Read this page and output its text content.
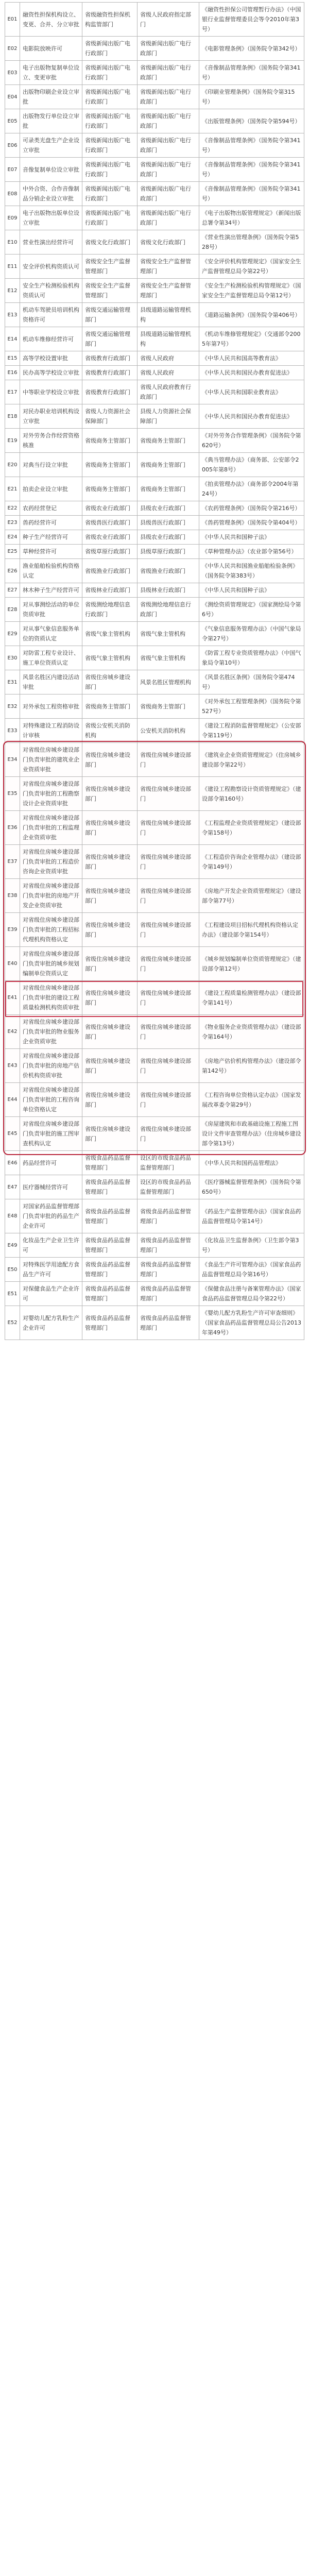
E01	融资性担保机构设立、变更、合并、分立审批	省级融资性担保机构监管部门	省级人民政府指定部门	《融资性担保公司管理暂行办法》（中国银行业监督管理委员会等令2010年第3号）
E02	电影院放映许可	省级新闻出版广电行政部门	省级新闻出版广电行政部门	《电影管理条例》（国务院令第342号）
E03	电子出版物复制单位设立、变更审批	省级新闻出版广电行政部门	省级新闻出版广电行政部门	《音像制品管理条例》（国务院令第341号）
E04	出版物印刷企业设立审批	省级新闻出版广电行政部门	省级新闻出版广电行政部门	《印刷业管理条例》（国务院令第315号）
E05	出版物发行单位设立审批	省级新闻出版广电行政部门	省级新闻出版广电行政部门	《出版管理条例》（国务院令第594号）
E06	可录类光盘生产企业设立审批	省级新闻出版广电行政部门	省级新闻出版广电行政部门	《音像制品管理条例》（国务院令第341号）
E07	音像复制单位设立审批	省级新闻出版广电行政部门	省级新闻出版广电行政部门	《音像制品管理条例》（国务院令第341号）
E08	中外合资、合作音像制品分销企业设立审批	省级新闻出版广电行政部门	省级新闻出版广电行政部门	《音像制品管理条例》（国务院令第341号）
E09	电子出版物出版单位设立审批	省级新闻出版广电行政部门	省级新闻出版广电行政部门	《电子出版物出版管理规定》（新闻出版总署令第34号）
E10	营业性演出经营许可	省级文化行政部门	省级文化行政部门	《营业性演出管理条例》（国务院令第528号）
E11	安全评价机构资质认可	省级安全生产监督管理部门	省级安全生产监督管理部门	《安全评价机构管理规定》（国家安全生产监督管理总局令第22号）
E12	安全生产检测检验机构资质认可	省级安全生产监督管理部门	省级安全生产监督管理部门	《安全生产检测检验机构管理规定》（国家安全生产监督管理总局令第12号）
E13	机动车驾驶员培训机构资格许可	省级交通运输管理部门	县级道路运输管理机构	《道路运输条例》（国务院令第406号）
E14	机动车维修经营许可	省级交通运输管理部门	县级道路运输管理机构	《机动车维修管理规定》（交通部令2005年第7号）
E15	高等学校设置审批	省级教育行政部门	省级人民政府	《中华人民共和国高等教育法》
E16	民办高等学校设立审批	省级教育行政部门	省级人民政府	《中华人民共和国民办教育促进法》
E17	中等职业学校设立审批	省级教育行政部门	省级人民政府教育行政部门	《中华人民共和国职业教育法》
E18	对民办职业培训机构设立审批	省级人力资源社会保障部门	县级人力资源社会保障部门	《中华人民共和国民办教育促进法》
E19	对外劳务合作经营资格核准	省级商务主管部门	省级商务主管部门	《对外劳务合作管理条例》（国务院令第620号）
E20	对典当行设立审批	省级商务主管部门	省级商务主管部门	《典当管理办法》（商务部、公安部令2005年第8号）
E21	拍卖企业设立审批	省级商务主管部门	省级商务主管部门	《拍卖管理办法》（商务部令2004年第24号）
E22	农药经营登记	省级农业行政部门	县级农业行政部门	《农药管理条例》（国务院令第216号）
E23	兽药经营许可	省级兽医行政部门	县级兽医行政部门	《兽药管理条例》（国务院令第404号）
E24	种子生产经营许可	省级农业行政部门	县级农业行政部门	《中华人民共和国种子法》
E25	草种经营许可	省级草原行政部门	县级草原行政部门	《草种管理办法》（农业部令第56号）
E26	渔业船舶检验机构资格认定	省级渔业行政部门	省级渔业行政部门	《中华人民共和国渔业船舶检验条例》（国务院令第383号）
E27	林木种子生产经营许可	省级林业行政部门	县级林业行政部门	《中华人民共和国种子法》
E28	对从事测绘活动的单位资质审批	省级测绘地理信息行政部门	省级测绘地理信息行政部门	《测绘资质管理规定》（国家测绘局令第6号）
E29	对从事气象信息服务单位的资质认定	省级气象主管机构	省级气象主管机构	《气象信息服务管理办法》（中国气象局令第27号）
E30	对防雷工程专业设计、施工单位资质认定	省级气象主管机构	省级气象主管机构	《防雷工程专业资质管理办法》（中国气象局令第10号）
E31	风景名胜区内建设活动审批	省级住房城乡建设部门	风景名胜区管理机构	《风景名胜区条例》（国务院令第474号）
E32	对外承包工程资格审批	省级商务主管部门	省级商务主管部门	《对外承包工程管理条例》（国务院令第527号）
E33	对特殊建设工程消防设计审核	省级公安机关消防机构	公安机关消防机构	《建设工程消防监督管理规定》（公安部令第119号）
E34	对省级住房城乡建设部门负责审批的建筑业企业资质审批	省级住房城乡建设部门	省级住房城乡建设部门	《建筑业企业资质管理规定》（住房城乡建设部令第22号）
E35	对省级住房城乡建设部门负责审批的工程勘察设计企业资质审批	省级住房城乡建设部门	省级住房城乡建设部门	《建设工程勘察设计资质管理规定》（建设部令第160号）
E36	对省级住房城乡建设部门负责审批的工程监理企业资质审批	省级住房城乡建设部门	省级住房城乡建设部门	《工程监理企业资质管理规定》（建设部令第158号）
E37	对省级住房城乡建设部门负责审批的工程造价咨询企业资质审批	省级住房城乡建设部门	省级住房城乡建设部门	《工程造价咨询企业管理办法》（建设部令第149号）
E38	对省级住房城乡建设部门负责审批的房地产开发企业资质审批	省级住房城乡建设部门	省级住房城乡建设部门	《房地产开发企业资质管理规定》（建设部令第77号）
E39	对省级住房城乡建设部门负责审批的工程招标代理机构资格认定	省级住房城乡建设部门	省级住房城乡建设部门	《工程建设项目招标代理机构资格认定办法》（建设部令第154号）
E40	对省级住房城乡建设部门负责审批的城乡规划编制单位资质认定	省级住房城乡建设部门	省级住房城乡建设部门	《城乡规划编制单位资质管理规定》（建设部令第12号）
E41	对省级住房城乡建设部门负责审批的建设工程质量检测机构资质审批	省级住房城乡建设部门	省级住房城乡建设部门	《建设工程质量检测管理办法》（建设部令第141号）
E42	对省级住房城乡建设部门负责审批的物业服务企业资质审批	省级住房城乡建设部门	省级住房城乡建设部门	《物业服务企业资质管理办法》（建设部令第164号）
E43	对省级住房城乡建设部门负责审批的房地产估价机构资质审批	省级住房城乡建设部门	省级住房城乡建设部门	《房地产估价机构管理办法》（建设部令第142号）
E44	对省级住房城乡建设部门负责审批的工程咨询单位资格认定	省级住房城乡建设部门	省级住房城乡建设部门	《工程咨询单位资格认定办法》（国家发展改革委令第29号）
E45	对省级住房城乡建设部门负责审批的施工图审查机构认定	省级住房城乡建设部门	省级住房城乡建设部门	《房屋建筑和市政基础设施工程施工图设计文件审查管理办法》（住房城乡建设部令第13号）
E46	药品经营许可	省级食品药品监督管理部门	设区的市级食品药品监督管理部门	《中华人民共和国药品管理法》
E47	医疗器械经营许可	省级食品药品监督管理部门	设区的市级食品药品监督管理部门	《医疗器械监督管理条例》（国务院令第650号）
E48	对国家药品监督管理部门负责审批的药品生产企业许可	省级食品药品监督管理部门	省级食品药品监督管理部门	《药品生产监督管理办法》（国家食品药品监督管理局令第14号）
E49	化妆品生产企业卫生许可	省级食品药品监督管理部门	省级食品药品监督管理部门	《化妆品卫生监督条例》（卫生部令第3号）
E50	对特殊医学用途配方食品生产许可	省级食品药品监督管理部门	省级食品药品监督管理部门	《食品生产许可管理办法》（国家食品药品监督管理总局令第16号）
E51	对保健食品生产企业许可	省级食品药品监督管理部门	省级食品药品监督管理部门	《保健食品注册与备案管理办法》（国家食品药品监督管理总局令第22号）
E52	对婴幼儿配方乳粉生产企业许可	省级食品药品监督管理部门	省级食品药品监督管理部门	《婴幼儿配方乳粉生产许可审查细则》（国家食品药品监督管理总局公告2013年第49号）
